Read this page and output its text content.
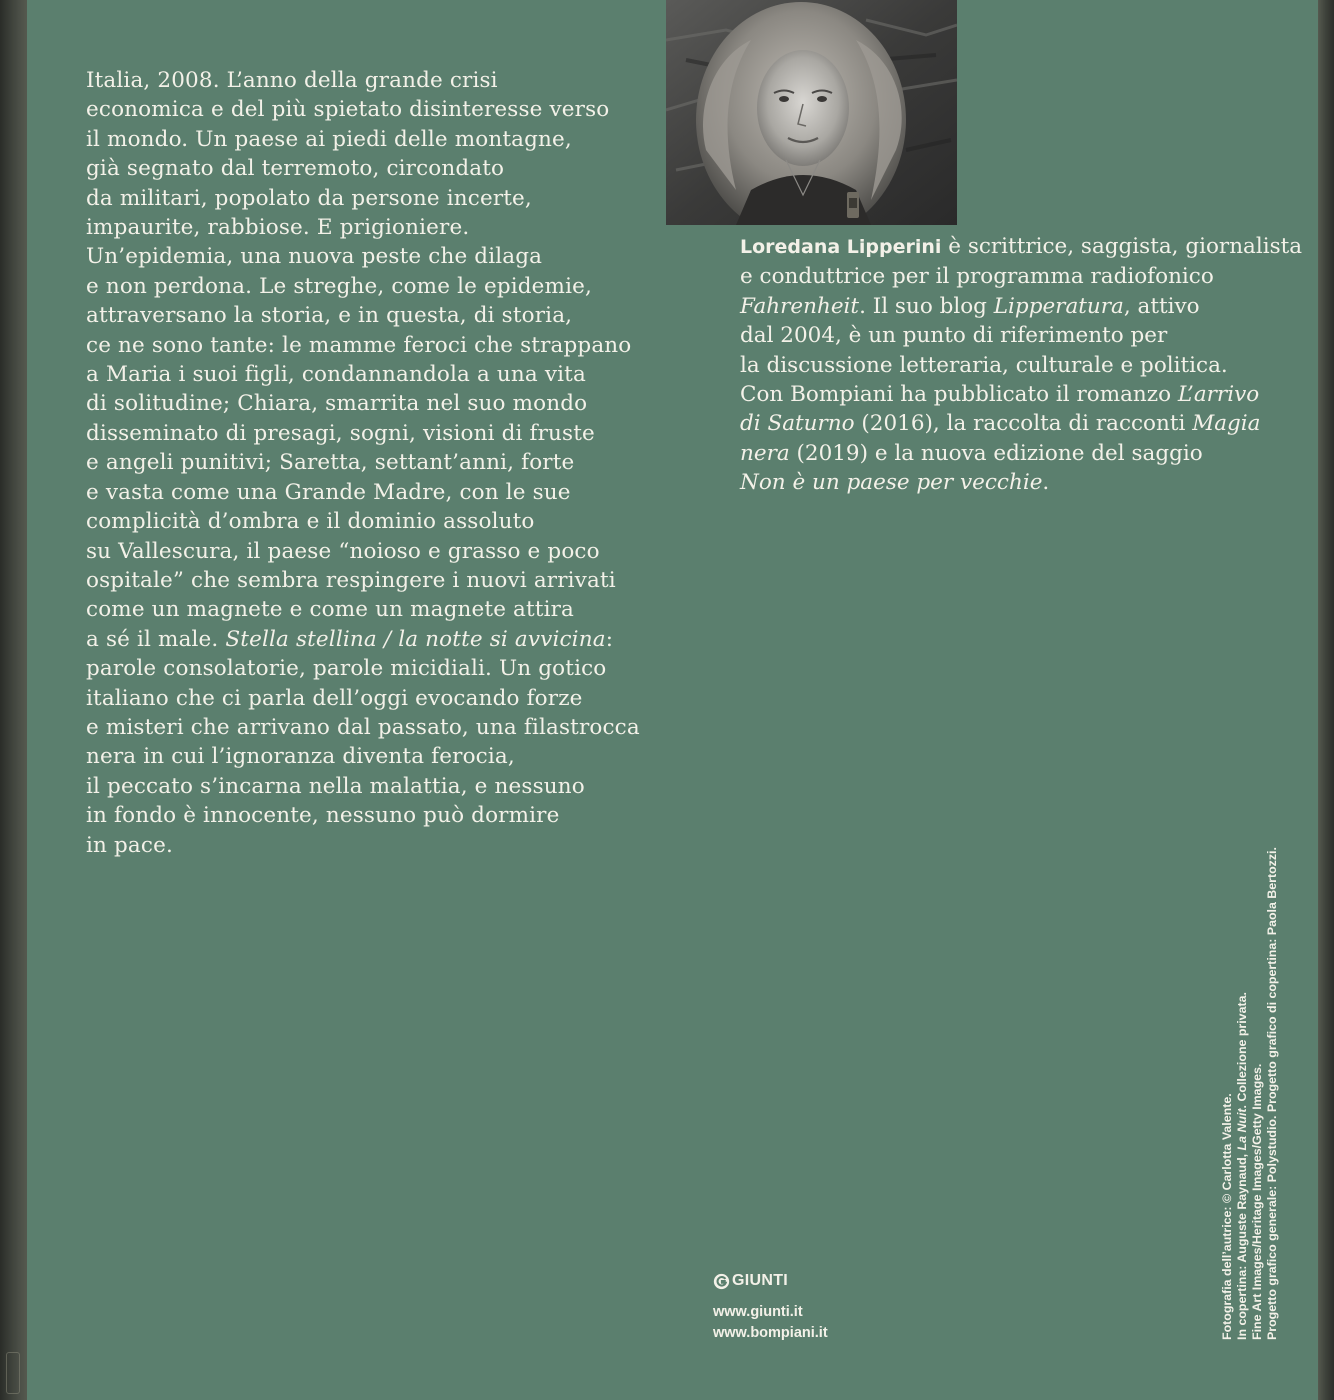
Italia, 2008. L’anno della grande crisi
economica e del più spietato disinteresse verso
il mondo. Un paese ai piedi delle montagne,
già segnato dal terremoto, circondato
da militari, popolato da persone incerte,
impaurite, rabbiose. E prigioniere.
Un’epidemia, una nuova peste che dilaga
e non perdona. Le streghe, come le epidemie,
attraversano la storia, e in questa, di storia,
ce ne sono tante: le mamme feroci che strappano
a Maria i suoi figli, condannandola a una vita
di solitudine; Chiara, smarrita nel suo mondo
disseminato di presagi, sogni, visioni di fruste
e angeli punitivi; Saretta, settant’anni, forte
e vasta come una Grande Madre, con le sue
complicità d’ombra e il dominio assoluto
su Vallescura, il paese “noioso e grasso e poco
ospitale” che sembra respingere i nuovi arrivati
come un magnete e come un magnete attira
a sé il male. Stella stellina / la notte si avvicina:
parole consolatorie, parole micidiali. Un gotico
italiano che ci parla dell’oggi evocando forze
e misteri che arrivano dal passato, una filastrocca
nera in cui l’ignoranza diventa ferocia,
il peccato s’incarna nella malattia, e nessuno
in fondo è innocente, nessuno può dormire
in pace.
Loredana Lipperini è scrittrice, saggista, giornalista
e conduttrice per il programma radiofonico
Fahrenheit. Il suo blog Lipperatura, attivo
dal 2004, è un punto di riferimento per
la discussione letteraria, culturale e politica.
Con Bompiani ha pubblicato il romanzo L’arrivo
di Saturno (2016), la raccolta di racconti Magia
nera (2019) e la nuova edizione del saggio
Non è un paese per vecchie.
GIUNTI
www.giunti.it
www.bompiani.it	Fotografia dell’autrice: © Carlotta Valente. In copertina: Auguste Raynaud, La Nuit. Collezione privata.
Fine Art Images/Heritage Images/Getty Images. Progetto grafico generale: Polystudio. Progetto grafico di copertina: Paola Bertozzi.
